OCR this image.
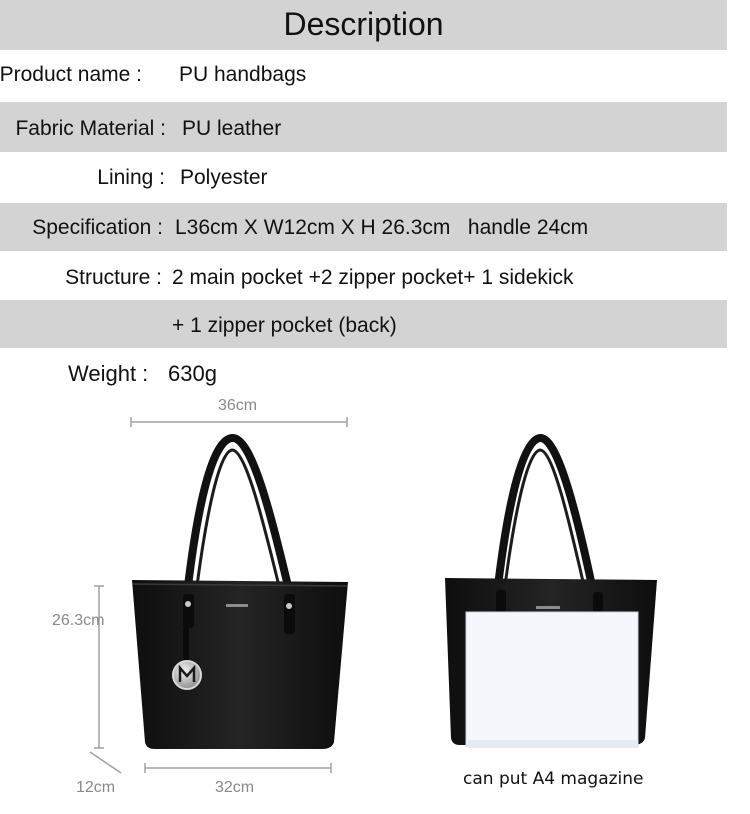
Description
Product name : PU handbags
Fabric Material : PU leather
Lining : Polyester
Specification : L36cm X W12cm X H 26.3cm   handle 24cm
Structure : 2 main pocket +2 zipper pocket+ 1 sidekick
+ 1 zipper pocket (back)
Weight : 630g
36cm
26.3cm
12cm	32cm	can put A4 magazine
